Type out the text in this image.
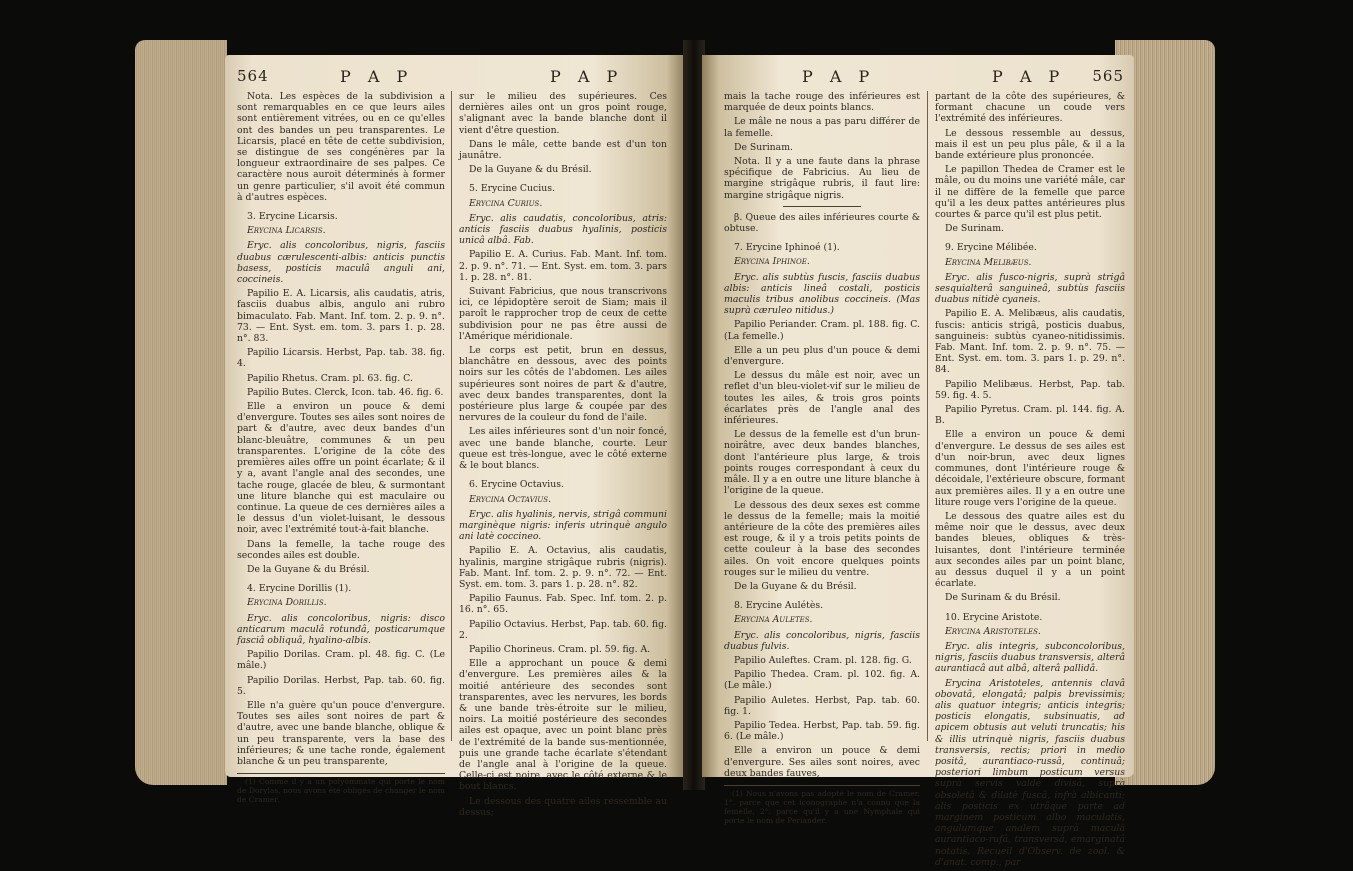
564	P A P	P A P

Nota. Les espèces de la subdivision a sont remarquables en ce que leurs ailes sont entièrement vitrées, ou en ce qu'elles ont des bandes un peu transparentes. Le Licarsis, placé en tête de cette subdivision, se distingue de ses congénères par la longueur extraordinaire de ses palpes. Ce caractère nous auroit déterminés à former un genre particulier, s'il avoit été commun à d'autres espèces.

3. Erycine Licarsis.
Erycina Licarsis.

Eryc. alis concoloribus, nigris, fasciis duabus cærulescenti-albis: anticis punctis basess, posticis maculâ anguli ani, coccineis.

Papilio E. A. Licarsis, alis caudatis, atris, fasciis duabus albis, angulo ani rubro bimaculato. Fab. Mant. Inf. tom. 2. p. 9. n°. 73. — Ent. Syst. em. tom. 3. pars 1. p. 28. n°. 83.

Papilio Licarsis. Herbst, Pap. tab. 38. fig. 4.

Papilio Rhetus. Cram. pl. 63. fig. C.

Papilio Butes. Clerck, Icon. tab. 46. fig. 6.

Elle a environ un pouce & demi d'envergure. Toutes ses ailes sont noires de part & d'autre, avec deux bandes d'un blanc-bleuâtre, communes & un peu transparentes. L'origine de la côte des premières ailes offre un point écarlate; & il y a, avant l'angle anal des secondes, une tache rouge, glacée de bleu, & surmontant une liture blanche qui est maculaire ou continue. La queue de ces dernières ailes a le dessus d'un violet-luisant, le dessous noir, avec l'extrémité tout-à-fait blanche.

Dans la femelle, la tache rouge des secondes ailes est double.

De la Guyane & du Brésil.

4. Erycine Dorillis (1).
Erycina Dorillis.

Eryc. alis concoloribus, nigris: disco anticarum maculâ rotundâ, posticarumque fasciâ obliquâ, hyalino-albis.

Papilio Dorilas. Cram. pl. 48. fig. C. (Le mâle.)

Papilio Dorilas. Herbst, Pap. tab. 60. fig. 5.

Elle n'a guère qu'un pouce d'envergure. Toutes ses ailes sont noires de part & d'autre, avec une bande blanche, oblique & un peu transparente, vers la base des inférieures; & une tache ronde, également blanche & un peu transparente,

(1) Comme il y a un polyommate qui porte le nom de Dorylas, nous avons été obligés de changer le nom de Cramer.

sur le milieu des supérieures. Ces dernières ailes ont un gros point rouge, s'alignant avec la bande blanche dont il vient d'être question.

Dans le mâle, cette bande est d'un ton jaunâtre.

De la Guyane & du Brésil.

5. Erycine Cucius.
Erycina Curius.

Eryc. alis caudatis, concoloribus, atris: anticis fasciis duabus hyalinis, posticis unicâ albâ. Fab.

Papilio E. A. Curius. Fab. Mant. Inf. tom. 2. p. 9. n°. 71. — Ent. Syst. em. tom. 3. pars 1. p. 28. n°. 81.

Suivant Fabricius, que nous transcrivons ici, ce lépidoptère seroit de Siam; mais il paroît le rapprocher trop de ceux de cette subdivision pour ne pas être aussi de l'Amérique méridionale.

Le corps est petit, brun en dessus, blanchâtre en dessous, avec des points noirs sur les côtés de l'abdomen. Les ailes supérieures sont noires de part & d'autre, avec deux bandes transparentes, dont la postérieure plus large & coupée par des nervures de la couleur du fond de l'aile.

Les ailes inférieures sont d'un noir foncé, avec une bande blanche, courte. Leur queue est très-longue, avec le côté externe & le bout blancs.

6. Erycine Octavius.
Erycina Octavius.

Eryc. alis hyalinis, nervis, strigâ communi marginèque nigris: inferis utrinquè angulo ani latè coccineo.

Papilio E. A. Octavius, alis caudatis, hyalinis, margine strigâque rubris (nigris). Fab. Mant. Inf. tom. 2. p. 9. n°. 72. — Ent. Syst. em. tom. 3. pars 1. p. 28. n°. 82.

Papilio Faunus. Fab. Spec. Inf. tom. 2. p. 16. n°. 65.

Papilio Octavius. Herbst, Pap. tab. 60. fig. 2.

Papilio Chorineus. Cram. pl. 59. fig. A.

Elle a approchant un pouce & demi d'envergure. Les premières ailes & la moitié antérieure des secondes sont transparentes, avec les nervures, les bords & une bande très-étroite sur le milieu, noirs. La moitié postérieure des secondes ailes est opaque, avec un point blanc près de l'extrémité de la bande sus-mentionnée, puis une grande tache écarlate s'étendant de l'angle anal à l'origine de la queue. Celle-ci est noire, avec le côté externe & le bout blancs.

Le dessous des quatre ailes ressemble au dessus;

P A P	P A P 565

mais la tache rouge des inférieures est marquée de deux points blancs.

Le mâle ne nous a pas paru différer de la femelle.

De Surinam.

Nota. Il y a une faute dans la phrase spécifique de Fabricius. Au lieu de margine strigâque rubris, il faut lire: margine strigâque nigris.

β. Queue des ailes inférieures courte & obtuse.

7. Erycine Iphinoé (1).
Erycina Iphinoe.

Eryc. alis subtùs fuscis, fasciis duabus albis: anticis lineâ costali, posticis maculis tribus anolibus coccineis. (Mas suprà cæruleo nitidus.)

Papilio Periander. Cram. pl. 188. fig. C. (La femelle.)

Elle a un peu plus d'un pouce & demi d'envergure.

Le dessus du mâle est noir, avec un reflet d'un bleu-violet-vif sur le milieu de toutes les ailes, & trois gros points écarlates près de l'angle anal des inférieures.

Le dessus de la femelle est d'un brun-noirâtre, avec deux bandes blanches, dont l'antérieure plus large, & trois points rouges correspondant à ceux du mâle. Il y a en outre une liture blanche à l'origine de la queue.

Le dessous des deux sexes est comme le dessus de la femelle; mais la moitié antérieure de la côte des premières ailes est rouge, & il y a trois petits points de cette couleur à la base des secondes ailes. On voit encore quelques points rouges sur le milieu du ventre.

De la Guyane & du Brésil.

8. Erycine Aulétès.
Erycina Auletes.

Eryc. alis concoloribus, nigris, fasciis duabus fulvis.

Papilio Auleftes. Cram. pl. 128. fig. G.

Papilio Thedea. Cram. pl. 102. fig. A. (Le mâle.)

Papilio Auletes. Herbst, Pap. tab. 60. fig. 1.

Papilio Tedea. Herbst, Pap. tab. 59. fig. 6. (Le mâle.)

Elle a environ un pouce & demi d'envergure. Ses ailes sont noires, avec deux bandes fauves,

(1) Nous n'avons pas adopté le nom de Cramer, 1°. parce que cet iconographe n'a connu que la femelle, 2°. parce qu'il y a une Nymphale qui porte le nom de Periander.

partant de la côte des supérieures, & formant chacune un coude vers l'extrémité des inférieures.

Le dessous ressemble au dessus, mais il est un peu plus pâle, & il a la bande extérieure plus prononcée.

Le papillon Thedea de Cramer est le mâle, ou du moins une variété mâle, car il ne diffère de la femelle que parce qu'il a les deux pattes antérieures plus courtes & parce qu'il est plus petit.

De Surinam.

9. Erycine Mélibée.
Erycina Melibæus.

Eryc. alis fusco-nigris, suprà strigâ sesquialterâ sanguineâ, subtùs fasciis duabus nitidè cyaneis.

Papilio E. A. Melibæus, alis caudatis, fuscis: anticis strigâ, posticis duabus, sanguineis: subtùs cyaneo-nitidissimis. Fab. Mant. Inf. tom. 2. p. 9. n°. 75. — Ent. Syst. em. tom. 3. pars 1. p. 29. n°. 84.

Papilio Melibæus. Herbst, Pap. tab. 59. fig. 4. 5.

Papilio Pyretus. Cram. pl. 144. fig. A. B.

Elle a environ un pouce & demi d'envergure. Le dessus de ses ailes est d'un noir-brun, avec deux lignes communes, dont l'intérieure rouge & décoidale, l'extérieure obscure, formant aux premières ailes. Il y a en outre une liture rouge vers l'origine de la queue.

Le dessous des quatre ailes est du même noir que le dessus, avec deux bandes bleues, obliques & très-luisantes, dont l'intérieure terminée aux secondes ailes par un point blanc, au dessus duquel il y a un point écarlate.

De Surinam & du Brésil.

10. Erycine Aristote.
Erycina Aristoteles.

Eryc. alis integris, subconcoloribus, nigris, fasciis duabus transversis, alterâ aurantiacâ aut albâ, alterâ pallidâ.

Erycina Aristoteles, antennis clavâ obovatâ, elongatâ; palpis brevissimis; alis quatuor integris; anticis integris; posticis elongatis, subsinuatis, ad apicem obtusis aut veluti truncatis; his & illis utrinquè nigris, fasciis duabus transversis, rectis; priori in medio positâ, aurantiaco-russâ, continuâ; posteriori limbum posticum versus suprà servis valdè divisâ, suprà obsoletâ & dilatè fuscâ, infrà albicanti; alis posticis ex utrâque parte ad marginem posticum albo maculatis, angulumque analem suprà maculâ aurantiaco-rufâ, transversâ, emarginatâ notatis. Recueil d'Observ. de zool. & d'anat. comp., par
